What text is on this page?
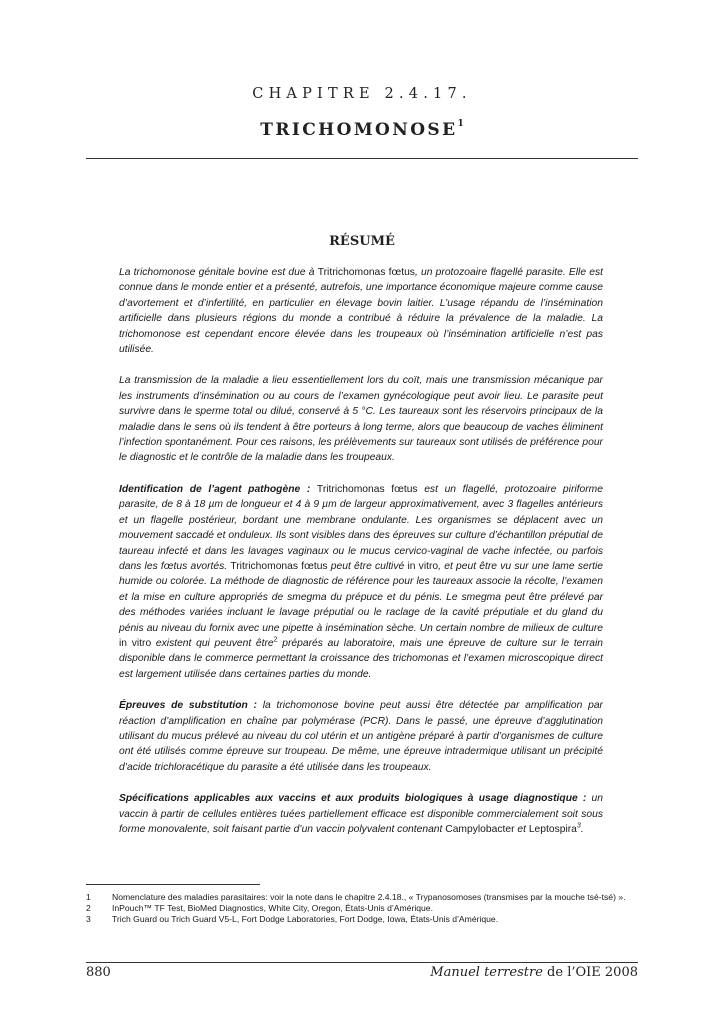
CHAPITRE 2.4.17.
TRICHOMONOSE$^1$
RÉSUMÉ

La trichomonose génitale bovine est due à Tritrichomonas fœtus, un protozoaire flagellé parasite. Elle est connue dans le monde entier et a présenté, autrefois, une importance économique majeure comme cause d’avortement et d’infertilité, en particulier en élevage bovin laitier. L’usage répandu de l’insémination artificielle dans plusieurs régions du monde a contribué à réduire la prévalence de la maladie. La trichomonose est cependant encore élevée dans les troupeaux où l’insémination artificielle n’est pas utilisée.

La transmission de la maladie a lieu essentiellement lors du coït, mais une transmission mécanique par les instruments d’insémination ou au cours de l’examen gynécologique peut avoir lieu. Le parasite peut survivre dans le sperme total ou dilué, conservé à 5 °C. Les taureaux sont les réservoirs principaux de la maladie dans le sens où ils tendent à être porteurs à long terme, alors que beaucoup de vaches éliminent l’infection spontanément. Pour ces raisons, les prélèvements sur taureaux sont utilisés de préférence pour le diagnostic et le contrôle de la maladie dans les troupeaux.

Identification de l’agent pathogène : Tritrichomonas fœtus est un flagellé, protozoaire piriforme parasite, de 8 à 18 µm de longueur et 4 à 9 µm de largeur approximativement, avec 3 flagelles antérieurs et un flagelle postérieur, bordant une membrane ondulante. Les organismes se déplacent avec un mouvement saccadé et onduleux. Ils sont visibles dans des épreuves sur culture d’échantillon préputial de taureau infecté et dans les lavages vaginaux ou le mucus cervico-vaginal de vache infectée, ou parfois dans les fœtus avortés. Tritrichomonas fœtus peut être cultivé in vitro, et peut être vu sur une lame sertie humide ou colorée. La méthode de diagnostic de référence pour les taureaux associe la récolte, l’examen et la mise en culture appropriés de smegma du prépuce et du pénis. Le smegma peut être prélevé par des méthodes variées incluant le lavage préputial ou le raclage de la cavité préputiale et du gland du pénis au niveau du fornix avec une pipette à insémination sèche. Un certain nombre de milieux de culture in vitro existent qui peuvent être$^2$ préparés au laboratoire, mais une épreuve de culture sur le terrain disponible dans le commerce permettant la croissance des trichomonas et l’examen microscopique direct est largement utilisée dans certaines parties du monde.

Épreuves de substitution : la trichomonose bovine peut aussi être détectée par amplification par réaction d’amplification en chaîne par polymérase (PCR). Dans le passé, une épreuve d’agglutination utilisant du mucus prélevé au niveau du col utérin et un antigène préparé à partir d’organismes de culture ont été utilisés comme épreuve sur troupeau. De même, une épreuve intradermique utilisant un précipité d’acide trichloracétique du parasite a été utilisée dans les troupeaux.

Spécifications applicables aux vaccins et aux produits biologiques à usage diagnostique : un vaccin à partir de cellules entières tuées partiellement efficace est disponible commercialement soit sous forme monovalente, soit faisant partie d’un vaccin polyvalent contenant Campylobacter et Leptospira$^3$.

1	Nomenclature des maladies parasitaires: voir la note dans le chapitre 2.4.18., « Trypanosomoses (transmises par la mouche tsé-tsé) ».
2	InPouch™ TF Test, BioMed Diagnostics, White City, Oregon, États-Unis d’Amérique.
3	Trich Guard ou Trich Guard V5-L, Fort Dodge Laboratories, Fort Dodge, Iowa, États-Unis d’Amérique.
880	Manuel terrestre de l’OIE 2008
